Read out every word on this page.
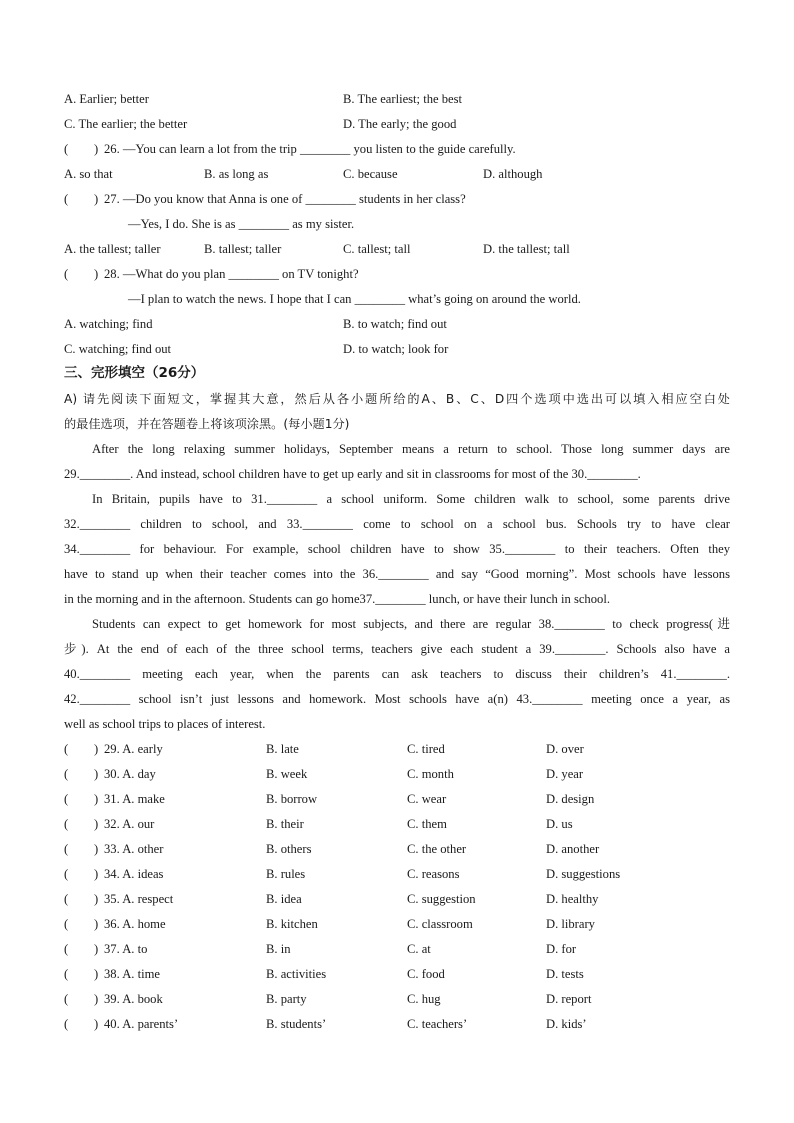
A. Earlier; better	B. The earliest; the best
C. The earlier; the better	D. The early; the good
( ) 26. —You can learn a lot from the trip ________ you listen to the guide carefully.
A. so that	B. as long as	C. because	D. although
( ) 27. —Do you know that Anna is one of ________ students in her class?
—Yes, I do. She is as ________ as my sister.
A. the tallest; taller	B. tallest; taller	C. tallest; tall	D. the tallest; tall
( ) 28. —What do you plan ________ on TV tonight?
—I plan to watch the news. I hope that I can ________ what’s going on around the world.
A. watching; find	B. to watch; find out
C. watching; find out	D. to watch; look for
三、完形填空（26分）
A) 请先阅读下面短文，掌握其大意，然后从各小题所给的A、B、C、D四个选项中选出可以填入相应空白处
的最佳选项，并在答题卷上将该项涂黑。(每小题1分)
After the long relaxing summer holidays, September means a return to school. Those long summer days are
29.________. And instead, school children have to get up early and sit in classrooms for most of the 30.________.
In Britain, pupils have to 31.________ a school uniform. Some children walk to school, some parents drive
32.________ children to school, and 33.________ come to school on a school bus. Schools try to have clear
34.________ for behaviour. For example, school children have to show 35.________ to their teachers. Often they
have to stand up when their teacher comes into the 36.________ and say “Good morning”. Most schools have lessons
in the morning and in the afternoon. Students can go home37.________ lunch, or have their lunch in school.
Students can expect to get homework for most subjects, and there are regular 38.________ to check progress(进
步). At the end of each of the three school terms, teachers give each student a 39.________. Schools also have a
40.________ meeting each year, when the parents can ask teachers to discuss their children’s 41.________.
42.________ school isn’t just lessons and homework. Most schools have a(n) 43.________ meeting once a year, as
well as school trips to places of interest.
( ) 29. A. early	B. late	C. tired	D. over
( ) 30. A. day	B. week	C. month	D. year
( ) 31. A. make	B. borrow	C. wear	D. design
( ) 32. A. our	B. their	C. them	D. us
( ) 33. A. other	B. others	C. the other	D. another
( ) 34. A. ideas	B. rules	C. reasons	D. suggestions
( ) 35. A. respect	B. idea	C. suggestion	D. healthy
( ) 36. A. home	B. kitchen	C. classroom	D. library
( ) 37. A. to	B. in	C. at	D. for
( ) 38. A. time	B. activities	C. food	D. tests
( ) 39. A. book	B. party	C. hug	D. report
( ) 40. A. parents’	B. students’	C. teachers’	D. kids’
